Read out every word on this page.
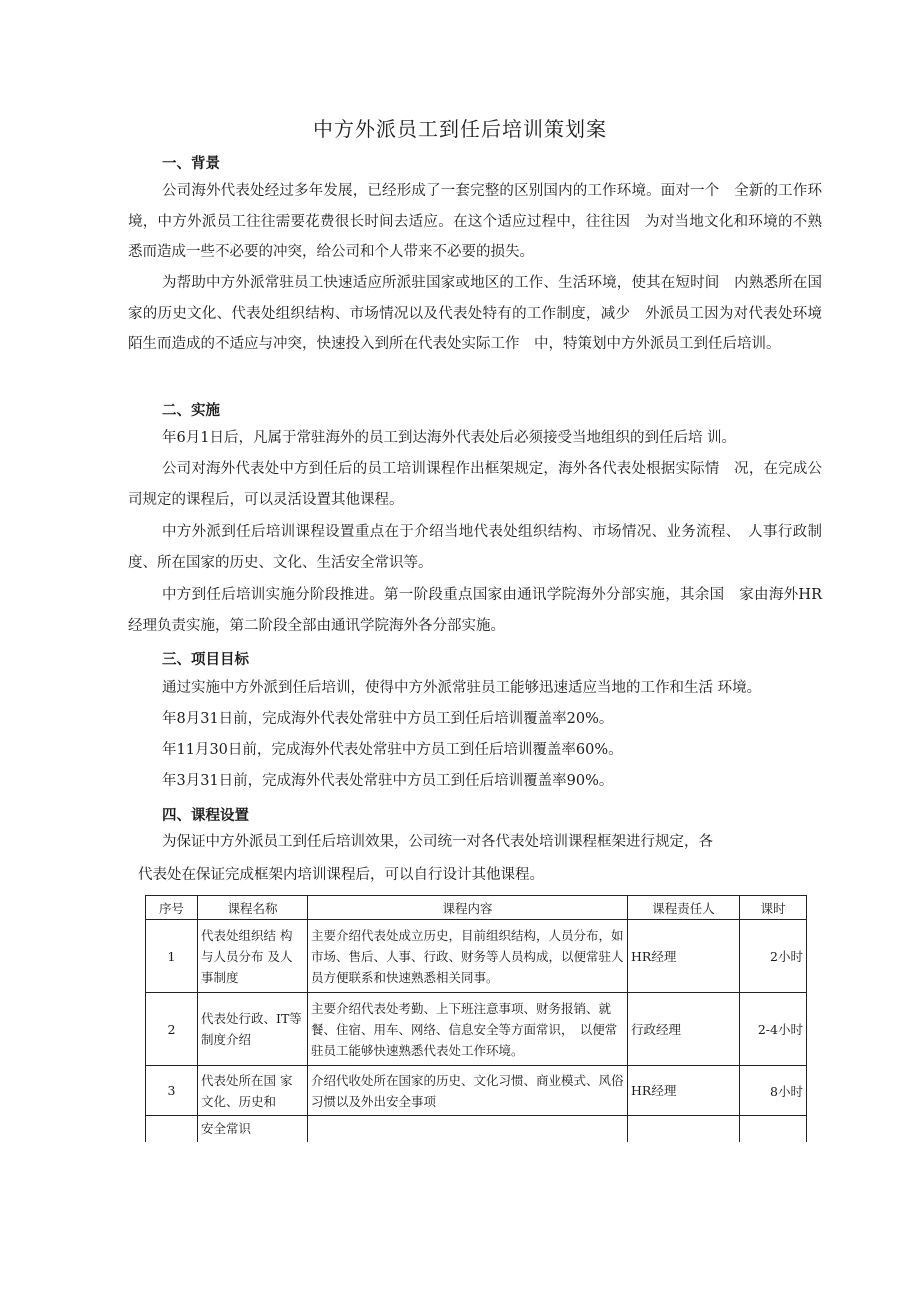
中方外派员工到任后培训策划案
一、背景
公司海外代表处经过多年发展，已经形成了一套完整的区别国内的工作环境。面对一个　全新的工作环境，中方外派员工往往需要花费很长时间去适应。在这个适应过程中，往往因　为对当地文化和环境的不熟悉而造成一些不必要的冲突，给公司和个人带来不必要的损失。
为帮助中方外派常驻员工快速适应所派驻国家或地区的工作、生活环境，使其在短时间　内熟悉所在国家的历史文化、代表处组织结构、市场情况以及代表处特有的工作制度，减少　外派员工因为对代表处环境陌生而造成的不适应与冲突，快速投入到所在代表处实际工作　中，特策划中方外派员工到任后培训。
二、实施
年6月1日后，凡属于常驻海外的员工到达海外代表处后必须接受当地组织的到任后培 训。
公司对海外代表处中方到任后的员工培训课程作出框架规定，海外各代表处根据实际情　况，在完成公司规定的课程后，可以灵活设置其他课程。
中方外派到任后培训课程设置重点在于介绍当地代表处组织结构、市场情况、业务流程、　人事行政制度、所在国家的历史、文化、生活安全常识等。
中方到任后培训实施分阶段推进。第一阶段重点国家由通讯学院海外分部实施，其余国　家由海外HR经理负责实施，第二阶段全部由通讯学院海外各分部实施。
三、项目目标
通过实施中方外派到任后培训，使得中方外派常驻员工能够迅速适应当地的工作和生活 环境。
年8月31日前，完成海外代表处常驻中方员工到任后培训覆盖率20%。
年11月30日前，完成海外代表处常驻中方员工到任后培训覆盖率60%。
年3月31日前，完成海外代表处常驻中方员工到任后培训覆盖率90%。
四、课程设置
为保证中方外派员工到任后培训效果，公司统一对各代表处培训课程框架进行规定，各
代表处在保证完成框架内培训课程后，可以自行设计其他课程。
序号	课程名称	课程内容	课程责任人	课时
1	代表处组织结 构与人员分布 及人事制度	主要介绍代表处成立历史，目前组织结构，人员分布，如市场、售后、人事、行政、财务等人员构成，以便常驻人员方便联系和快速熟悉相关同事。	HR经理	2小时
2	代表处行政、IT等制度介绍	主要介绍代表处考勤、上下班注意事项、财务报销、就餐、住宿、用车、网络、信息安全等方面常识，　以便常驻员工能够快速熟悉代表处工作环境。	行政经理	2-4小时
3	代表处所在国 家文化、历史和	介绍代收处所在国家的历史、文化习惯、商业模式、风俗习惯以及外出安全事项	HR经理	8小时
	安全常识			
